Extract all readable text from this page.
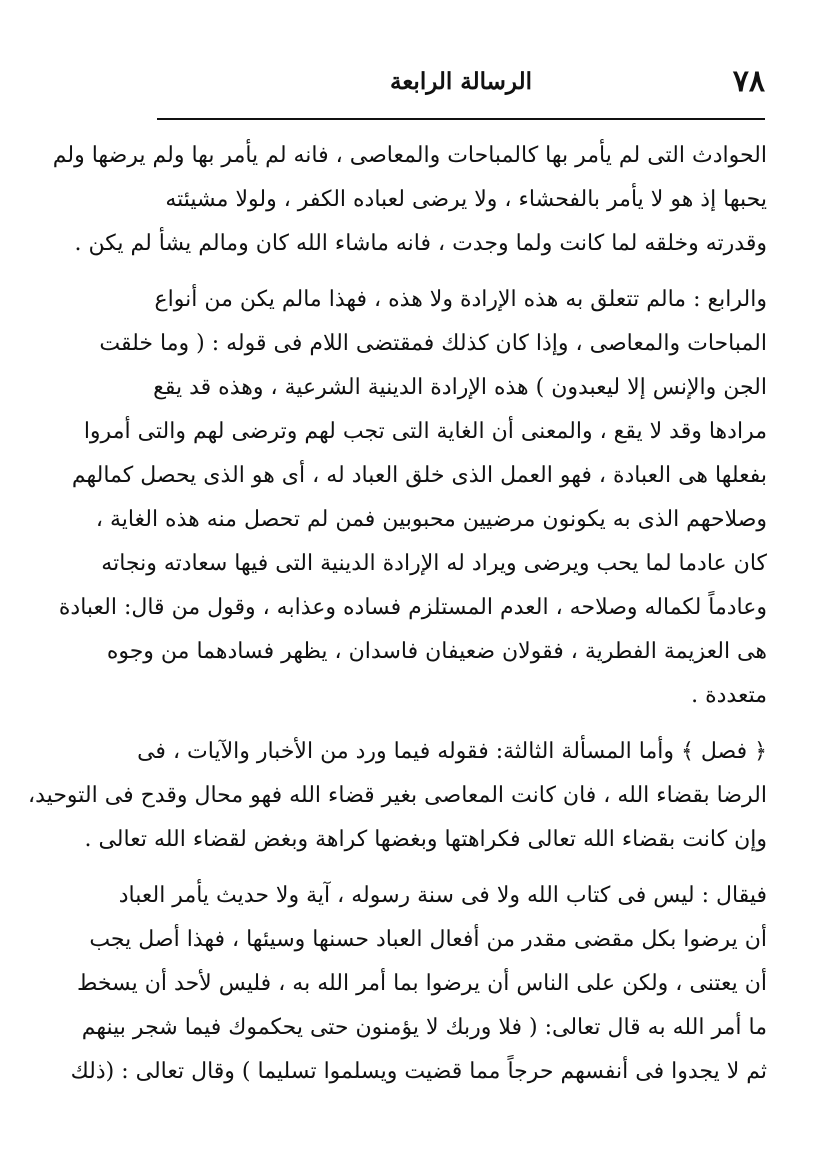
٧٨
الرسالة الرابعة

الحوادث التى لم يأمر بها كالمباحات والمعاصى ، فانه لم يأمر بها ولم يرضها ولم
يحبها إذ هو لا يأمر بالفحشاء ، ولا يرضى لعباده الكفر ، ولولا مشيئته
وقدرته وخلقه لما كانت ولما وجدت ، فانه ماشاء الله كان ومالم يشأ لم يكن .

والرابع : مالم تتعلق به هذه الإرادة ولا هذه ، فهذا مالم يكن من أنواع
المباحات والمعاصى ، وإذا كان كذلك فمقتضى اللام فى قوله : ( وما خلقت
الجن والإنس إلا ليعبدون ) هذه الإرادة الدينية الشرعية ، وهذه قد يقع
مرادها وقد لا يقع ، والمعنى أن الغاية التى تجب لهم وترضى لهم والتى أمروا
بفعلها هى العبادة ، فهو العمل الذى خلق العباد له ، أى هو الذى يحصل كمالهم
وصلاحهم الذى به يكونون مرضيين محبوبين فمن لم تحصل منه هذه الغاية ،
كان عادما لما يحب ويرضى ويراد له الإرادة الدينية التى فيها سعادته ونجاته
وعادماً لكماله وصلاحه ، العدم المستلزم فساده وعذابه ، وقول من قال: العبادة
هى العزيمة الفطرية ، فقولان ضعيفان فاسدان ، يظهر فسادهما من وجوه
متعددة .

﴿ فصل ﴾ وأما المسألة الثالثة: فقوله فيما ورد من الأخبار والآيات ، فى
الرضا بقضاء الله ، فان كانت المعاصى بغير قضاء الله فهو محال وقدح فى التوحيد،
وإن كانت بقضاء الله تعالى فكراهتها وبغضها كراهة وبغض لقضاء الله تعالى .

فيقال : ليس فى كتاب الله ولا فى سنة رسوله ، آية ولا حديث يأمر العباد
أن يرضوا بكل مقضى مقدر من أفعال العباد حسنها وسيئها ، فهذا أصل يجب
أن يعتنى ، ولكن على الناس أن يرضوا بما أمر الله به ، فليس لأحد أن يسخط
ما أمر الله به قال تعالى: ( فلا وربك لا يؤمنون حتى يحكموك فيما شجر بينهم
ثم لا يجدوا فى أنفسهم حرجاً مما قضيت ويسلموا تسليما ) وقال تعالى : (ذلك
